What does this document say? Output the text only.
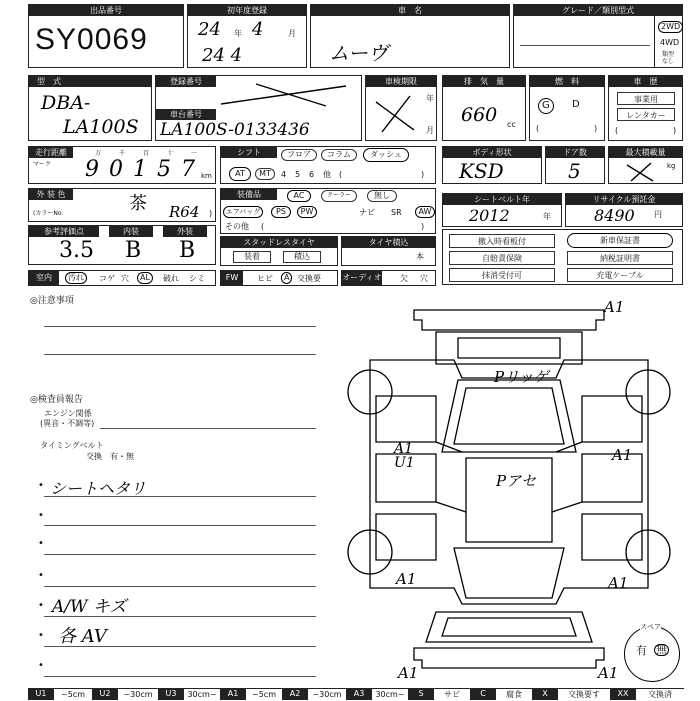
出品番号
SY0069
初年度登録
24 年 4	月
24 4
車　名
ムーヴ
グレード／類別型式
2WD
4WD
類型
なし
型　式
DBA-
LA100S
登録番号
車台番号
LA100S-0133436
車検期限
年
月
排　気　量
660 cc
燃　料
G	D
(	)
車　歴
事業用
レンタカー
(	)
走行距離
マーク 9 0 1 5 7
万	千	百	十	一
km
シフト	フロア	コラム	ダッシュ
AT	MT	4 5 6 他 (	)
ボディ形状
KSD
ドア数
5
最大積載量
kg
外 装 色	茶
(カラーNo.	R64 )
装備品	AC	クーラー	無し
エアバッグ	PS	PW	ナビ SR	AW
その他 (	)
シートベルト年
2012	年
リサイクル預託金
8490 円
参考評価点	内装	外装
3.5 B B	スタッドレスタイヤ
装着	積込
タイヤ積込
本
撤入時看板付	新車保証書
自賠責保険	納税証明書
抹消受付可	充電ケーブル
室内	汚れ	コゲ 穴	AL	破れ シミ	FW	ヒビ	A 交換要	オーディオ 欠 穴
◎注意事項
◎検査員報告
エンジン関係
(異音・不調等)
タイミングベルト
交換　有・無
• シートヘタリ
•
•
•
• A/W キズ
• 各 AV
•
A1
Pリッゲ
A1
U1	A1
Pアセ
A1	A1
A1	A1
スペア
有 無
U1	~5cm	U2	~30cm	U3	30cm~	A1	~5cm	A2	~30cm	A3	30cm~	S	サビ	C	腐食	X	交換要す	XX	交換済
